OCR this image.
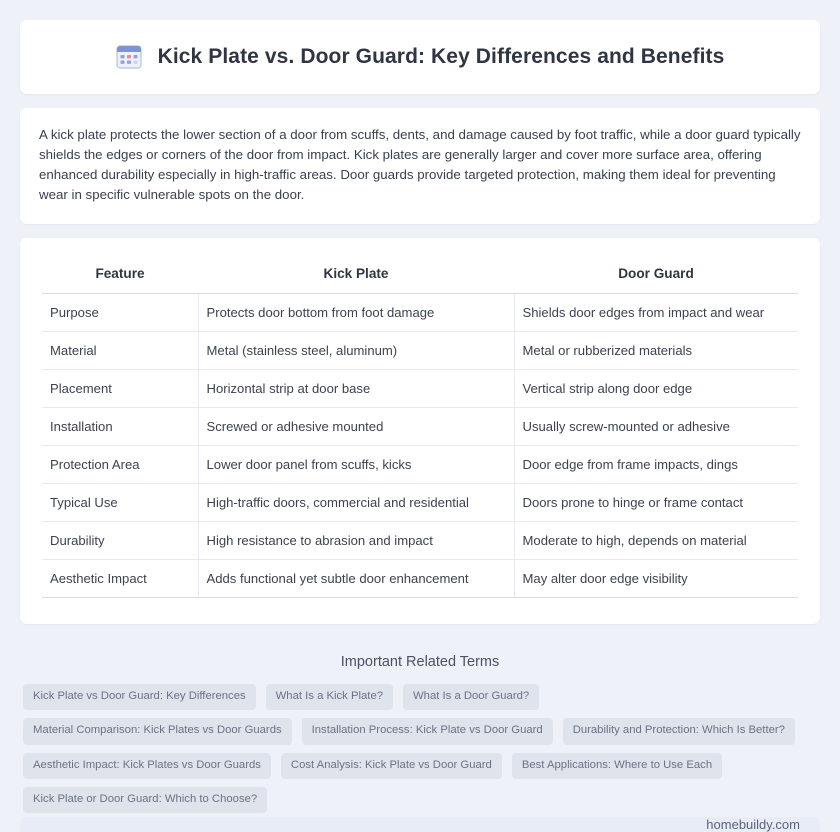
Kick Plate vs. Door Guard: Key Differences and Benefits
A kick plate protects the lower section of a door from scuffs, dents, and damage caused by foot traffic, while a door guard typically shields the edges or corners of the door from impact. Kick plates are generally larger and cover more surface area, offering enhanced durability especially in high-traffic areas. Door guards provide targeted protection, making them ideal for preventing wear in specific vulnerable spots on the door.
Feature	Kick Plate	Door Guard
Purpose	Protects door bottom from foot damage	Shields door edges from impact and wear
Material	Metal (stainless steel, aluminum)	Metal or rubberized materials
Placement	Horizontal strip at door base	Vertical strip along door edge
Installation	Screwed or adhesive mounted	Usually screw-mounted or adhesive
Protection Area	Lower door panel from scuffs, kicks	Door edge from frame impacts, dings
Typical Use	High-traffic doors, commercial and residential	Doors prone to hinge or frame contact
Durability	High resistance to abrasion and impact	Moderate to high, depends on material
Aesthetic Impact	Adds functional yet subtle door enhancement	May alter door edge visibility
Important Related Terms
Kick Plate vs Door Guard: Key Differences	What Is a Kick Plate?	What Is a Door Guard?
Material Comparison: Kick Plates vs Door Guards	Installation Process: Kick Plate vs Door Guard	Durability and Protection: Which Is Better?
Aesthetic Impact: Kick Plates vs Door Guards	Cost Analysis: Kick Plate vs Door Guard	Best Applications: Where to Use Each
Kick Plate or Door Guard: Which to Choose?
homebuildy.com
